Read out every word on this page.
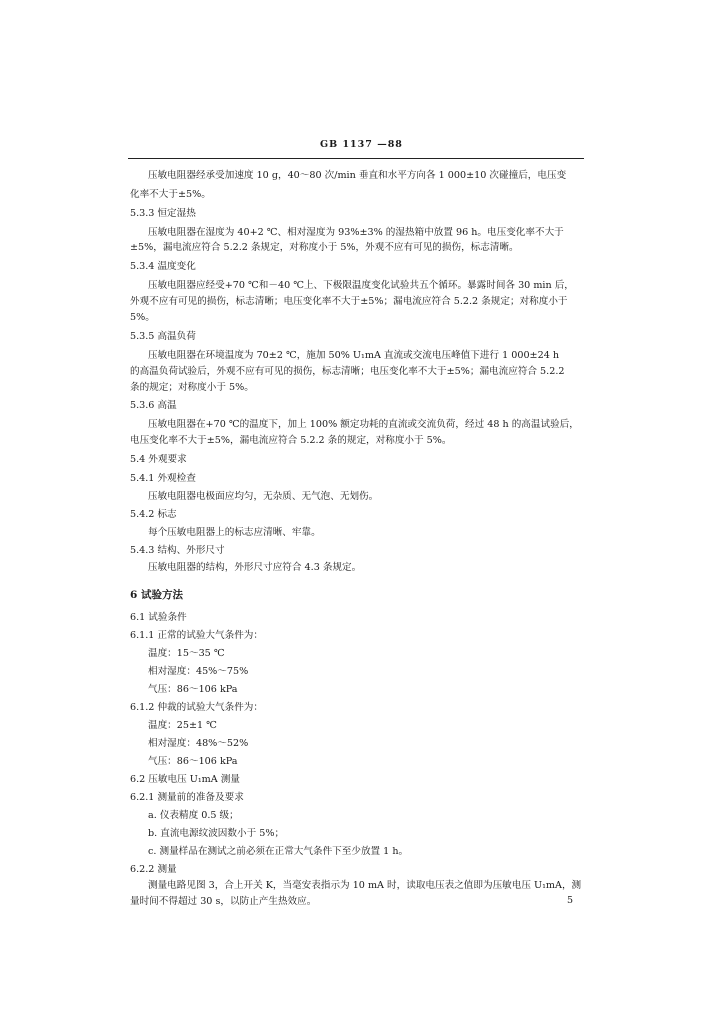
GB 1137 —88
压敏电阻器经承受加速度 10 g，40～80 次/min 垂直和水平方向各 1 000±10 次碰撞后，电压变
化率不大于±5%。
5.3.3 恒定湿热
压敏电阻器在湿度为 40+2 ℃、相对湿度为 93%±3% 的湿热箱中放置 96 h。电压变化率不大于
±5%，漏电流应符合 5.2.2 条规定，对称度小于 5%，外观不应有可见的损伤，标志清晰。
5.3.4 温度变化
压敏电阻器应经受+70 ℃和－40 ℃上、下极限温度变化试验共五个循环。暴露时间各 30 min 后，
外观不应有可见的损伤，标志清晰；电压变化率不大于±5%；漏电流应符合 5.2.2 条规定；对称度小于
5%。
5.3.5 高温负荷
压敏电阻器在环境温度为 70±2 ℃，施加 50% U₁mA 直流或交流电压峰值下进行 1 000±24 h
的高温负荷试验后，外观不应有可见的损伤，标志清晰；电压变化率不大于±5%；漏电流应符合 5.2.2
条的规定；对称度小于 5%。
5.3.6 高温
压敏电阻器在+70 ℃的温度下，加上 100% 额定功耗的直流或交流负荷，经过 48 h 的高温试验后，
电压变化率不大于±5%，漏电流应符合 5.2.2 条的规定，对称度小于 5%。
5.4 外观要求
5.4.1 外观检查
压敏电阻器电极面应均匀，无杂质、无气泡、无划伤。
5.4.2 标志
每个压敏电阻器上的标志应清晰、牢靠。
5.4.3 结构、外形尺寸
压敏电阻器的结构，外形尺寸应符合 4.3 条规定。
6 试验方法
6.1 试验条件
6.1.1 正常的试验大气条件为：
温度：15～35 ℃
相对湿度：45%～75%
气压：86～106 kPa
6.1.2 仲裁的试验大气条件为：
温度：25±1 ℃
相对湿度：48%～52%
气压：86～106 kPa
6.2 压敏电压 U₁mA 测量
6.2.1 测量前的准备及要求
a. 仪表精度 0.5 级；
b. 直流电源纹波因数小于 5%；
c. 测量样品在测试之前必须在正常大气条件下至少放置 1 h。
6.2.2 测量
测量电路见图 3，合上开关 K，当毫安表指示为 10 mA 时，读取电压表之值即为压敏电压 U₁mA，测
量时间不得超过 30 s，以防止产生热效应。	5
